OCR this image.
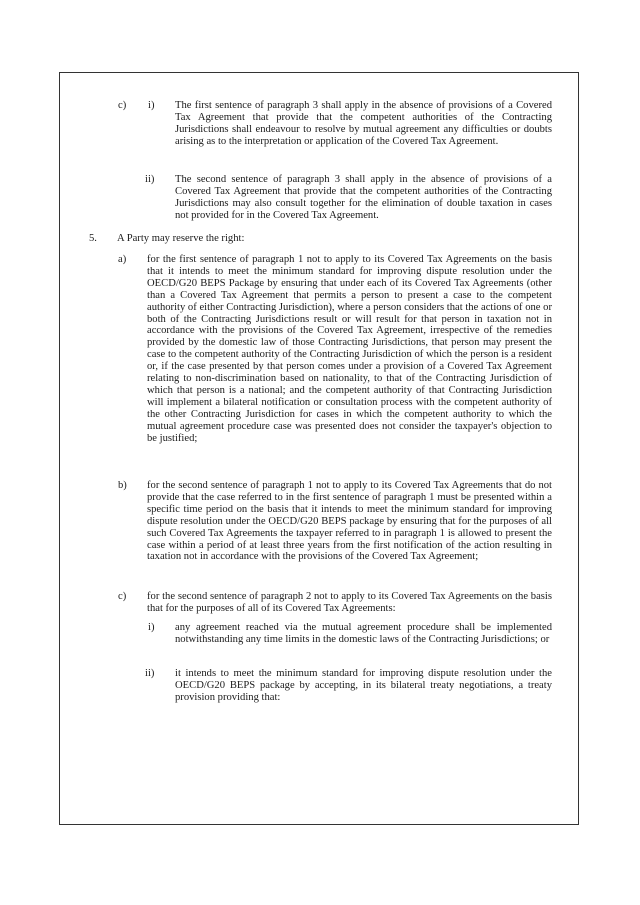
c) i) The first sentence of paragraph 3 shall apply in the absence of provisions of a Covered Tax Agreement that provide that the competent authorities of the Contracting Jurisdictions shall endeavour to resolve by mutual agreement any difficulties or doubts arising as to the interpretation or application of the Covered Tax Agreement.
ii) The second sentence of paragraph 3 shall apply in the absence of provisions of a Covered Tax Agreement that provide that the competent authorities of the Contracting Jurisdictions may also consult together for the elimination of double taxation in cases not provided for in the Covered Tax Agreement.
5. A Party may reserve the right:
a) for the first sentence of paragraph 1 not to apply to its Covered Tax Agreements on the basis that it intends to meet the minimum standard for improving dispute resolution under the OECD/G20 BEPS Package by ensuring that under each of its Covered Tax Agreements (other than a Covered Tax Agreement that permits a person to present a case to the competent authority of either Contracting Jurisdiction), where a person considers that the actions of one or both of the Contracting Jurisdictions result or will result for that person in taxation not in accordance with the provisions of the Covered Tax Agreement, irrespective of the remedies provided by the domestic law of those Contracting Jurisdictions, that person may present the case to the competent authority of the Contracting Jurisdiction of which the person is a resident or, if the case presented by that person comes under a provision of a Covered Tax Agreement relating to non-discrimination based on nationality, to that of the Contracting Jurisdiction of which that person is a national; and the competent authority of that Contracting Jurisdiction will implement a bilateral notification or consultation process with the competent authority of the other Contracting Jurisdiction for cases in which the competent authority to which the mutual agreement procedure case was presented does not consider the taxpayer's objection to be justified;
b) for the second sentence of paragraph 1 not to apply to its Covered Tax Agreements that do not provide that the case referred to in the first sentence of paragraph 1 must be presented within a specific time period on the basis that it intends to meet the minimum standard for improving dispute resolution under the OECD/G20 BEPS package by ensuring that for the purposes of all such Covered Tax Agreements the taxpayer referred to in paragraph 1 is allowed to present the case within a period of at least three years from the first notification of the action resulting in taxation not in accordance with the provisions of the Covered Tax Agreement;
c) for the second sentence of paragraph 2 not to apply to its Covered Tax Agreements on the basis that for the purposes of all of its Covered Tax Agreements:
i) any agreement reached via the mutual agreement procedure shall be implemented notwithstanding any time limits in the domestic laws of the Contracting Jurisdictions; or
ii) it intends to meet the minimum standard for improving dispute resolution under the OECD/G20 BEPS package by accepting, in its bilateral treaty negotiations, a treaty provision providing that:
